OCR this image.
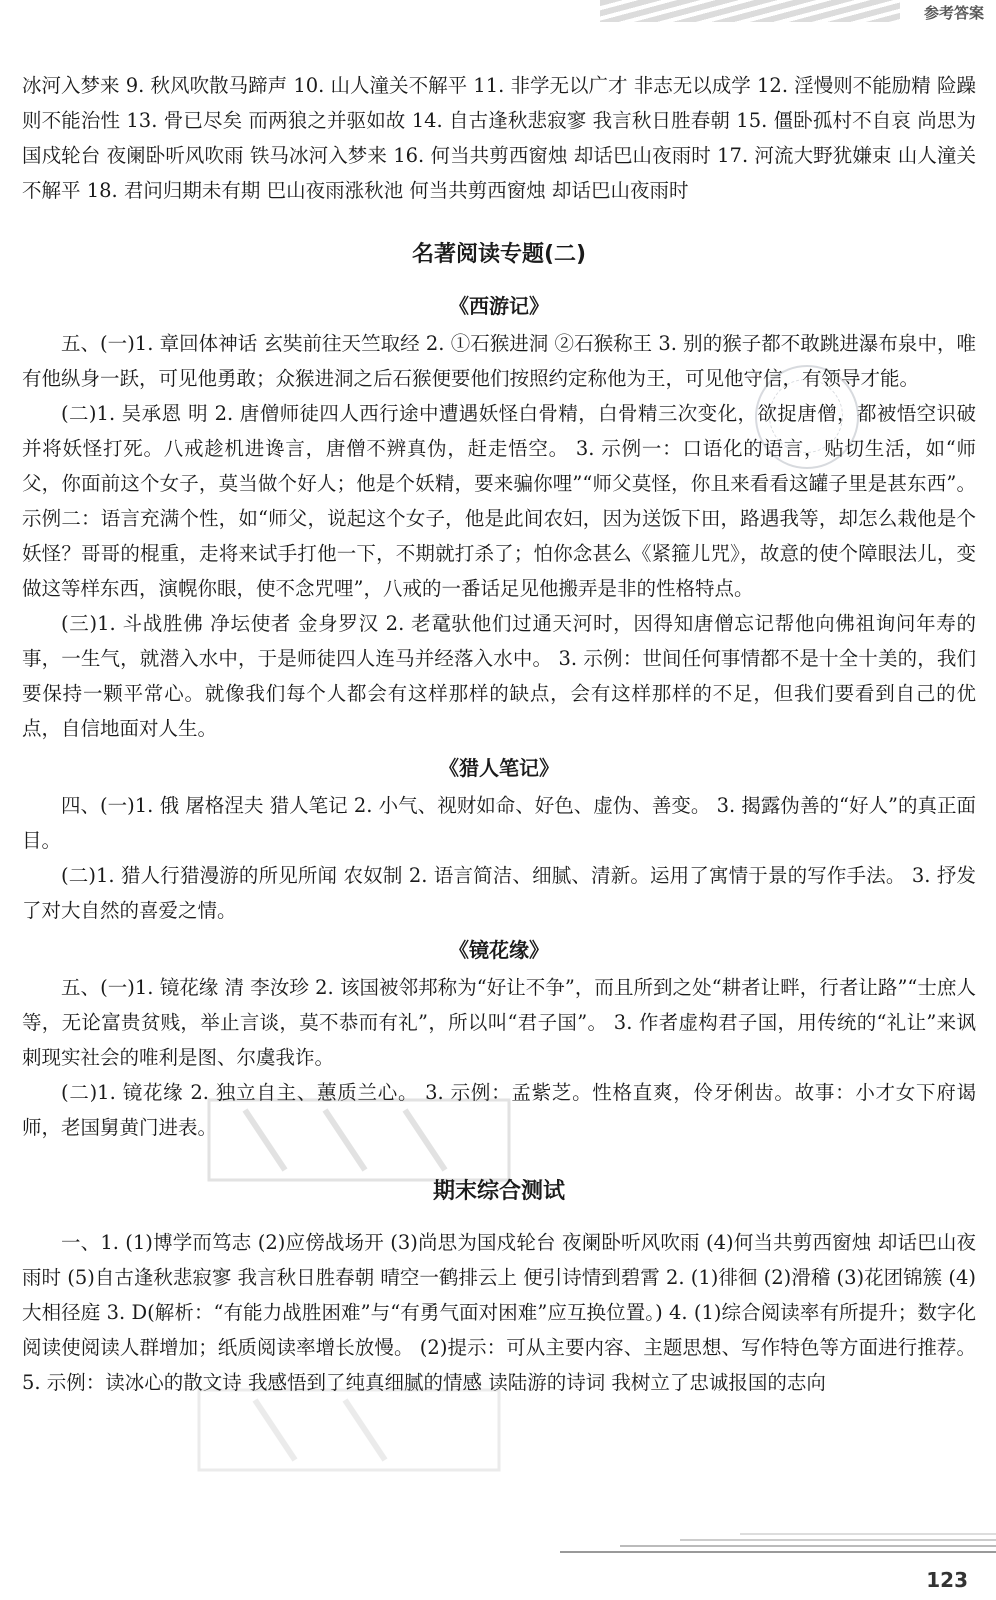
参考答案

冰河入梦来 9. 秋风吹散马蹄声 10. 山人潼关不解平 11. 非学无以广才 非志无以成学 12. 淫慢则不能励精 险躁则不能治性 13. 骨已尽矣 而两狼之并驱如故 14. 自古逢秋悲寂寥 我言秋日胜春朝 15. 僵卧孤村不自哀 尚思为国戍轮台 夜阑卧听风吹雨 铁马冰河入梦来 16. 何当共剪西窗烛 却话巴山夜雨时 17. 河流大野犹嫌束 山人潼关不解平 18. 君问归期未有期 巴山夜雨涨秋池 何当共剪西窗烛 却话巴山夜雨时

名著阅读专题(二)
《西游记》

五、(一)1. 章回体神话 玄奘前往天竺取经 2. ①石猴进洞 ②石猴称王 3. 别的猴子都不敢跳进瀑布泉中，唯有他纵身一跃，可见他勇敢；众猴进洞之后石猴便要他们按照约定称他为王，可见他守信，有领导才能。

(二)1. 吴承恩 明 2. 唐僧师徒四人西行途中遭遇妖怪白骨精，白骨精三次变化，欲捉唐僧，都被悟空识破并将妖怪打死。八戒趁机进谗言，唐僧不辨真伪，赶走悟空。 3. 示例一：口语化的语言，贴切生活，如“师父，你面前这个女子，莫当做个好人；他是个妖精，要来骗你哩”“师父莫怪，你且来看看这罐子里是甚东西”。 示例二：语言充满个性，如“师父，说起这个女子，他是此间农妇，因为送饭下田，路遇我等，却怎么栽他是个妖怪？哥哥的棍重，走将来试手打他一下，不期就打杀了；怕你念甚么《紧箍儿咒》，故意的使个障眼法儿，变做这等样东西，演幌你眼，使不念咒哩”，八戒的一番话足见他搬弄是非的性格特点。

(三)1. 斗战胜佛 净坛使者 金身罗汉 2. 老鼋驮他们过通天河时，因得知唐僧忘记帮他向佛祖询问年寿的事，一生气，就潜入水中，于是师徒四人连马并经落入水中。 3. 示例：世间任何事情都不是十全十美的，我们要保持一颗平常心。就像我们每个人都会有这样那样的缺点，会有这样那样的不足，但我们要看到自己的优点，自信地面对人生。

《猎人笔记》

四、(一)1. 俄 屠格涅夫 猎人笔记 2. 小气、视财如命、好色、虚伪、善变。 3. 揭露伪善的“好人”的真正面目。

(二)1. 猎人行猎漫游的所见所闻 农奴制 2. 语言简洁、细腻、清新。运用了寓情于景的写作手法。 3. 抒发了对大自然的喜爱之情。

《镜花缘》

五、(一)1. 镜花缘 清 李汝珍 2. 该国被邻邦称为“好让不争”，而且所到之处“耕者让畔，行者让路”“士庶人等，无论富贵贫贱，举止言谈，莫不恭而有礼”，所以叫“君子国”。 3. 作者虚构君子国，用传统的“礼让”来讽刺现实社会的唯利是图、尔虞我诈。

(二)1. 镜花缘 2. 独立自主、蕙质兰心。 3. 示例：孟紫芝。性格直爽，伶牙俐齿。故事：小才女下府谒师，老国舅黄门进表。

期末综合测试

一、1. (1)博学而笃志 (2)应傍战场开 (3)尚思为国戍轮台 夜阑卧听风吹雨 (4)何当共剪西窗烛 却话巴山夜雨时 (5)自古逢秋悲寂寥 我言秋日胜春朝 晴空一鹤排云上 便引诗情到碧霄 2. (1)徘徊 (2)滑稽 (3)花团锦簇 (4)大相径庭 3. D(解析：“有能力战胜困难”与“有勇气面对困难”应互换位置。) 4. (1)综合阅读率有所提升；数字化阅读使阅读人群增加；纸质阅读率增长放慢。 (2)提示：可从主要内容、主题思想、写作特色等方面进行推荐。 5. 示例：读冰心的散文诗 我感悟到了纯真细腻的情感 读陆游的诗词 我树立了忠诚报国的志向

123
